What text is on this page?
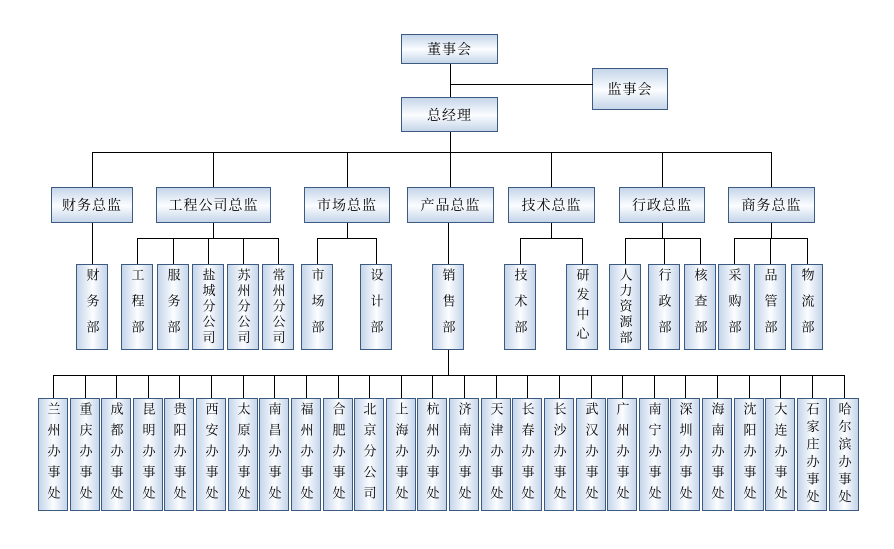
董事会
监事会
总经理
财务总监
财务部
工程公司总监
工程部 服务部 盐城分公司 苏州分公司 常州分公司
市场总监
市场部	设计部
产品总监
销售部
技术总监
技术部	研发中心
行政总监
人力资源部 行政部 核查部
商务总监
采购部 品管部 物流部
兰州办事处 重庆办事处 成都办事处 昆明办事处 贵阳办事处 西安办事处 太原办事处 南昌办事处 福州办事处 合肥办事处 北京分公司 上海办事处 杭州办事处 济南办事处 天津办事处 长春办事处 长沙办事处 武汉办事处 广州办事处 南宁办事处 深圳办事处 海南办事处 沈阳办事处 大连办事处 石家庄办事处 哈尔滨办事处
